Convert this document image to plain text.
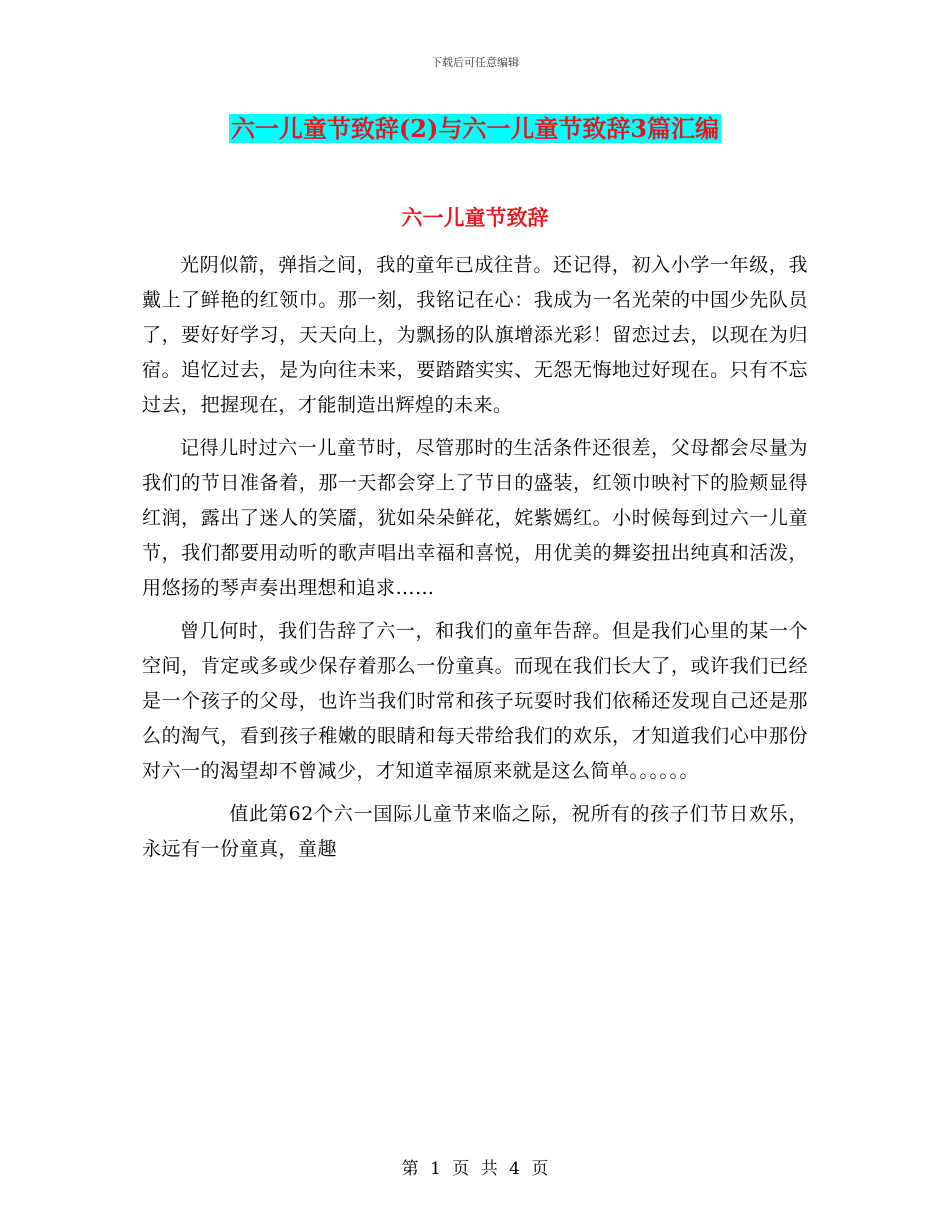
下载后可任意编辑
六一儿童节致辞(2)与六一儿童节致辞3篇汇编
六一儿童节致辞

光阴似箭，弹指之间，我的童年已成往昔。还记得，初入小学一年级，我戴上了鲜艳的红领巾。那一刻，我铭记在心：我成为一名光荣的中国少先队员了，要好好学习，天天向上，为飘扬的队旗增添光彩！留恋过去，以现在为归宿。追忆过去，是为向往未来，要踏踏实实、无怨无悔地过好现在。只有不忘过去，把握现在，才能制造出辉煌的未来。

记得儿时过六一儿童节时，尽管那时的生活条件还很差，父母都会尽量为我们的节日准备着，那一天都会穿上了节日的盛装，红领巾映衬下的脸颊显得红润，露出了迷人的笑靥，犹如朵朵鲜花，姹紫嫣红。小时候每到过六一儿童节，我们都要用动听的歌声唱出幸福和喜悦，用优美的舞姿扭出纯真和活泼，用悠扬的琴声奏出理想和追求……

曾几何时，我们告辞了六一，和我们的童年告辞。但是我们心里的某一个空间，肯定或多或少保存着那么一份童真。而现在我们长大了，或许我们已经是一个孩子的父母，也许当我们时常和孩子玩耍时我们依稀还发现自己还是那么的淘气，看到孩子稚嫩的眼睛和每天带给我们的欢乐，才知道我们心中那份对六一的渴望却不曾减少，才知道幸福原来就是这么简单。。。。。。

值此第62个六一国际儿童节来临之际，祝所有的孩子们节日欢乐，永远有一份童真，童趣

第 1 页 共 4 页
